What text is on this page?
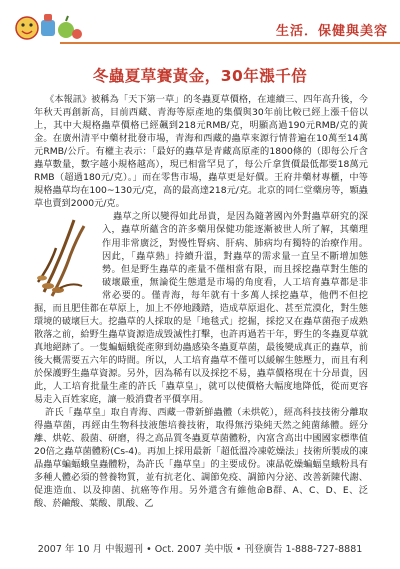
生活．保健與美容
冬蟲夏草賽黃金，30年漲千倍

《本報訊》被稱為「天下第一草」的冬蟲夏草價格，在連續三、四年高升後，今年秋天再創新高，目前西藏、青海等原產地的集價與30年前比較已經上漲千倍以上，其中大規格蟲草價格已經飆到218元RMB/克，明顯高過190元RMB/克的黃金。在廣州清平中藥材批發市場，青海和西藏的蟲草來源行情普遍在10萬至14萬元RMB/公斤。有權主表示：「最好的蟲草是青藏高原產的1800條的（即每公斤含蟲草數量，數字越小規格越高），現已相當罕見了，每公斤拿貨價最低都要18萬元RMB（超過180元/克）。」而在零售市場，蟲草更是好價。王府井藥材專櫃，中等規格蟲草均在100~130元/克，高的最高達218元/克。北京的同仁堂藥房等，顆蟲草也賣到2000元/克。

蟲草之所以變得如此昂貴，是因為隨著國內外對蟲草研究的深入，蟲草所蘊含的許多藥用保健功能逐漸被世人所了解，其藥理作用非常廣泛，對慢性腎病、肝病、肺病均有獨特的治療作用。因此，「蟲草熱」持續升溫，對蟲草的需求量一直呈不斷增加態勢。但是野生蟲草的產量不僅相當有限，而且採挖蟲草對生態的破壞嚴重，無論從生態還是市場的角度看，人工培育蟲草都是非常必要的。僅青海，每年就有十多萬人採挖蟲草，他們不但挖掘，而且肥佳都在草原上，加上不停地踐踏，造成草原退化、甚至荒漠化，對生態環境的破壞巨大。挖蟲草的人採取的是「地毯式」挖掘，採挖又在蟲草菌孢子成熟散落之前，給野生蟲草資源造成毀滅性打擊，也許再過若干年，野生的冬蟲夏草就真地絕跡了。一隻蝙蝠蛾從產卵到幼蟲感染冬蟲夏草菌，最後變成真正的蟲草，前後大概需要五六年的時間。所以，人工培育蟲草不僅可以緩解生態壓力，而且有利於保護野生蟲草資源。另外，因為稀有以及採挖不易，蟲草價格現在十分昂貴，因此，人工培育批量生產的許氏「蟲草皇」，就可以使價格大幅度地降低，從而更容易走入百姓家庭，讓一般消費者平價享用。

許氏「蟲草皇」取自青海、西藏一帶新鮮蟲體（未烘乾），經高科技技術分離取得蟲草菌，再經由生物科技液態培養技術，取得無汚染純天然之純菌絲體。經分離、烘乾、殺菌、研磨，得之高品質冬蟲夏草菌體粉，內富含高出中國國家標準值20倍之蟲草菌體粉(Cs-4)。再加上採用最新「超低溫冷凍乾燥法」技術所製成的凍晶蟲草蝙蝠蛾皇蟲體粉，為許氏「蟲草皇」的主要成份。凍晶乾燥蝙蝠皇蛾粉具有多種人體必須的營養物質，並有抗老化、調節免疫、調節內分泌、改善新陳代謝、促進造血、以及抑菌、抗癌等作用。另外還含有維他命B群、A、C、D、E、泛酸、菸鹼酸、葉酸、肌酸、乙

2007 年 10 月 中報週刊 • Oct. 2007 美中版 • 刊登廣告 1-888-727-8881
